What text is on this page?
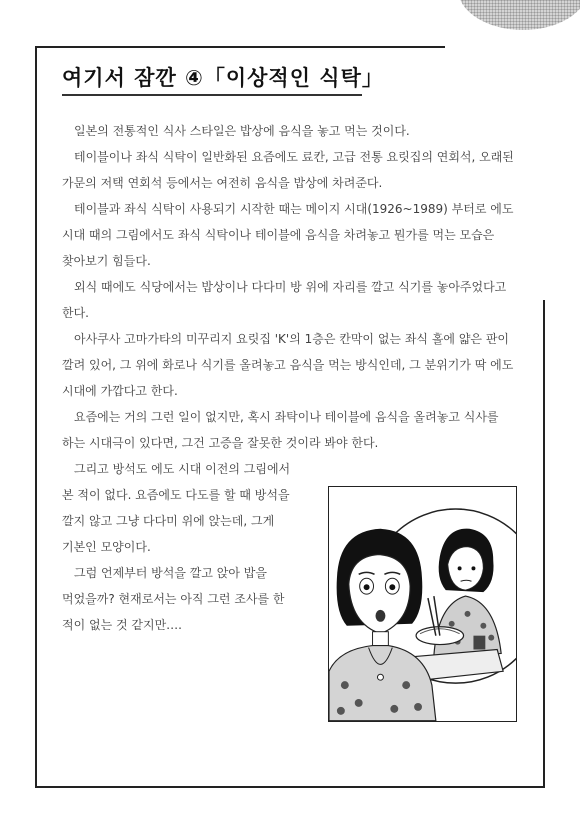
여기서 잠깐 ④「이상적인 식탁」

일본의 전통적인 식사 스타일은 밥상에 음식을 놓고 먹는 것이다.

테이블이나 좌식 식탁이 일반화된 요즘에도 료칸, 고급 전통 요릿집의 연회석, 오래된 가문의 저택 연회석 등에서는 여전히 음식을 밥상에 차려준다.

테이블과 좌식 식탁이 사용되기 시작한 때는 메이지 시대(1926~1989) 부터로 에도 시대 때의 그림에서도 좌식 식탁이나 테이블에 음식을 차려놓고 뭔가를 먹는 모습은 찾아보기 힘들다.

외식 때에도 식당에서는 밥상이나 다다미 방 위에 자리를 깔고 식기를 놓아주었다고 한다.

아사쿠사 고마가타의 미꾸리지 요릿집 'K'의 1층은 칸막이 없는 좌식 홀에 얇은 판이 깔려 있어, 그 위에 화로나 식기를 올려놓고 음식을 먹는 방식인데, 그 분위기가 딱 에도 시대에 가깝다고 한다.

요즘에는 거의 그런 일이 없지만, 혹시 좌탁이나 테이블에 음식을 올려놓고 식사를 하는 시대극이 있다면, 그건 고증을 잘못한 것이라 봐야 한다.

그리고 방석도 에도 시대 이전의 그림에서 본 적이 없다. 요즘에도 다도를 할 때 방석을 깔지 않고 그냥 다다미 위에 앉는데, 그게 기본인 모양이다.

그럼 언제부터 방석을 깔고 앉아 밥을 먹었을까? 현재로서는 아직 그런 조사를 한 적이 없는 것 같지만….
